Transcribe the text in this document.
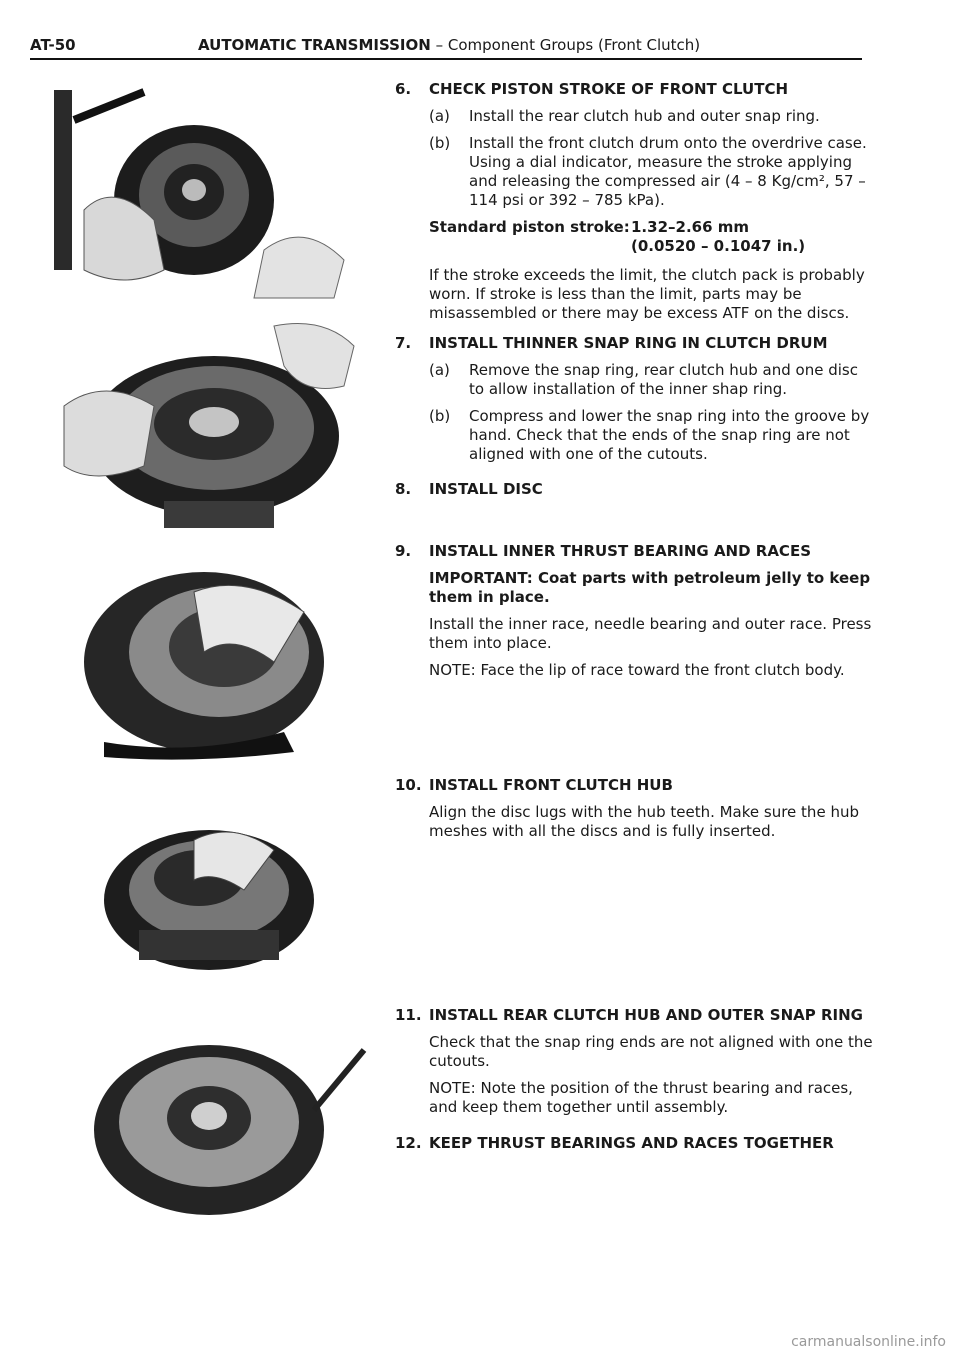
AT-50	AUTOMATIC TRANSMISSION – Component Groups (Front Clutch)
6. CHECK PISTON STROKE OF FRONT CLUTCH
(a) Install the rear clutch hub and outer snap ring.
(b) Install the front clutch drum onto the overdrive case. Using a dial indicator, measure the stroke applying and releasing the compressed air (4 – 8 Kg/cm², 57 – 114 psi or 392 – 785 kPa).
Standard piston stroke: 1.32–2.66 mm
(0.0520 – 0.1047 in.)
If the stroke exceeds the limit, the clutch pack is probably worn. If stroke is less than the limit, parts may be misassembled or there may be excess ATF on the discs.
7. INSTALL THINNER SNAP RING IN CLUTCH DRUM
(a) Remove the snap ring, rear clutch hub and one disc to allow installation of the inner shap ring.
(b) Compress and lower the snap ring into the groove by hand. Check that the ends of the snap ring are not aligned with one of the cutouts.
8. INSTALL DISC
9. INSTALL INNER THRUST BEARING AND RACES
IMPORTANT: Coat parts with petroleum jelly to keep them in place.
Install the inner race, needle bearing and outer race. Press them into place.
NOTE: Face the lip of race toward the front clutch body.
10. INSTALL FRONT CLUTCH HUB
Align the disc lugs with the hub teeth. Make sure the hub meshes with all the discs and is fully inserted.
11. INSTALL REAR CLUTCH HUB AND OUTER SNAP RING
Check that the snap ring ends are not aligned with one the cutouts.
NOTE: Note the position of the thrust bearing and races, and keep them together until assembly.
12. KEEP THRUST BEARINGS AND RACES TOGETHER
carmanualsonline.info
